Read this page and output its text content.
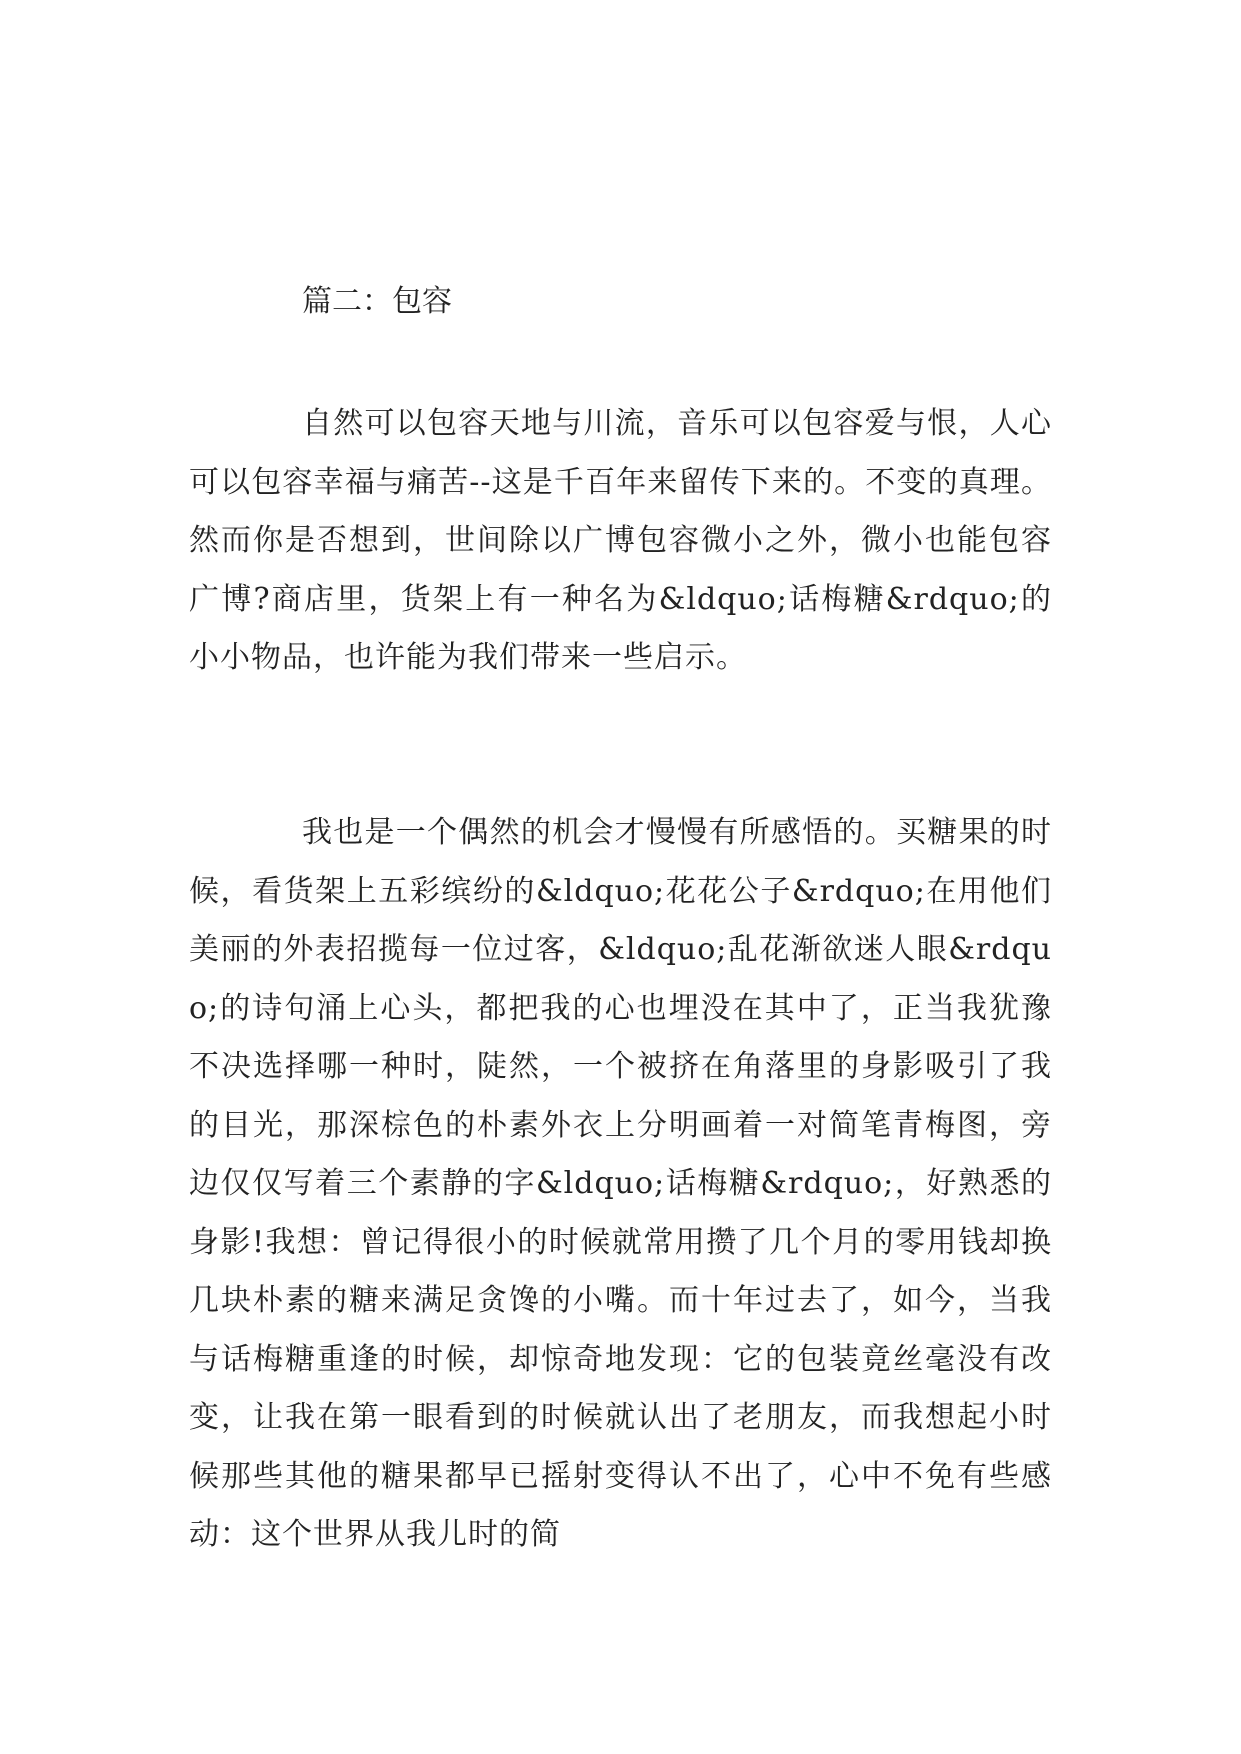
篇二：包容

自然可以包容天地与川流，音乐可以包容爱与恨，人心可以包容幸福与痛苦--这是千百年来留传下来的。不变的真理。然而你是否想到，世间除以广博包容微小之外，微小也能包容广博?商店里，货架上有一种名为&ldquo;话梅糖&rdquo;的小小物品，也许能为我们带来一些启示。

我也是一个偶然的机会才慢慢有所感悟的。买糖果的时候，看货架上五彩缤纷的&ldquo;花花公子&rdquo;在用他们美丽的外表招揽每一位过客，&ldquo;乱花渐欲迷人眼&rdquo;的诗句涌上心头，都把我的心也埋没在其中了，正当我犹豫不决选择哪一种时，陡然，一个被挤在角落里的身影吸引了我的目光，那深棕色的朴素外衣上分明画着一对简笔青梅图，旁边仅仅写着三个素静的字&ldquo;话梅糖&rdquo;，好熟悉的身影!我想：曾记得很小的时候就常用攒了几个月的零用钱却换几块朴素的糖来满足贪馋的小嘴。而十年过去了，如今，当我与话梅糖重逢的时候，却惊奇地发现：它的包装竟丝毫没有改变，让我在第一眼看到的时候就认出了老朋友，而我想起小时候那些其他的糖果都早已摇射变得认不出了，心中不免有些感动：这个世界从我儿时的简
